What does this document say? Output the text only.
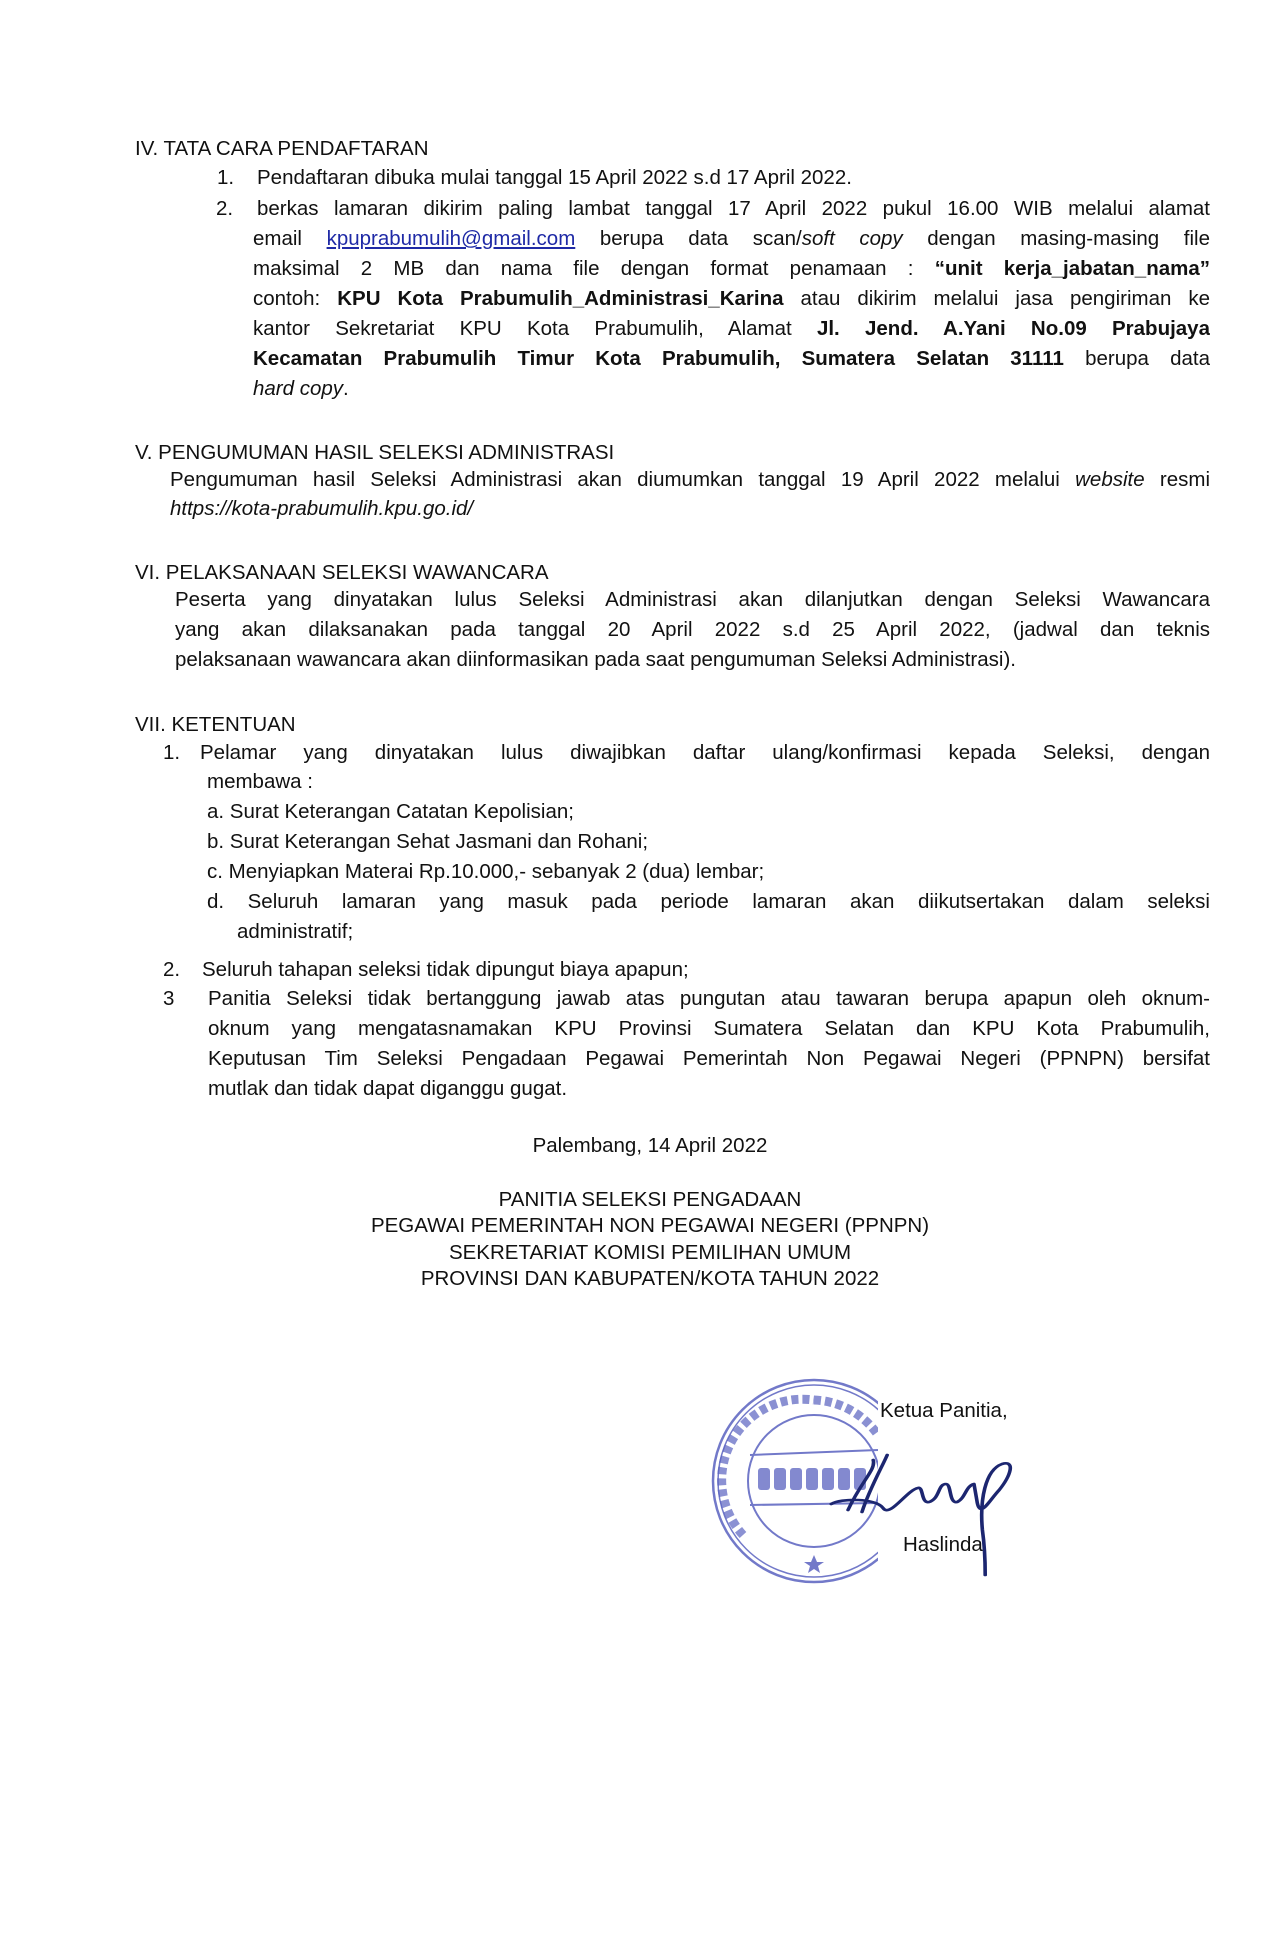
IV. TATA CARA PENDAFTARAN
1. Pendaftaran dibuka mulai tanggal 15 April 2022 s.d 17 April 2022.
2. berkas lamaran dikirim paling lambat tanggal 17 April 2022 pukul 16.00 WIB melalui alamat
email kpuprabumulih@gmail.com berupa data scan/soft copy dengan masing-masing file
maksimal 2 MB dan nama file dengan format penamaan : “unit kerja_jabatan_nama”
contoh: KPU Kota Prabumulih_Administrasi_Karina atau dikirim melalui jasa pengiriman ke
kantor Sekretariat KPU Kota Prabumulih, Alamat Jl. Jend. A.Yani No.09 Prabujaya
Kecamatan Prabumulih Timur Kota Prabumulih, Sumatera Selatan 31111 berupa data
hard copy.
V. PENGUMUMAN HASIL SELEKSI ADMINISTRASI
Pengumuman hasil Seleksi Administrasi akan diumumkan tanggal 19 April 2022 melalui website resmi
https://kota-prabumulih.kpu.go.id/
VI. PELAKSANAAN SELEKSI WAWANCARA
Peserta yang dinyatakan lulus Seleksi Administrasi akan dilanjutkan dengan Seleksi Wawancara
yang akan dilaksanakan pada tanggal 20 April 2022 s.d 25 April 2022, (jadwal dan teknis
pelaksanaan wawancara akan diinformasikan pada saat pengumuman Seleksi Administrasi).
VII. KETENTUAN
1. Pelamar yang dinyatakan lulus diwajibkan daftar ulang/konfirmasi kepada Seleksi, dengan
membawa :
a. Surat Keterangan Catatan Kepolisian;
b. Surat Keterangan Sehat Jasmani dan Rohani;
c. Menyiapkan Materai Rp.10.000,- sebanyak 2 (dua) lembar;
d. Seluruh lamaran yang masuk pada periode lamaran akan diikutsertakan dalam seleksi
administratif;
2. Seluruh tahapan seleksi tidak dipungut biaya apapun;
3 Panitia Seleksi tidak bertanggung jawab atas pungutan atau tawaran berupa apapun oleh oknum-
oknum yang mengatasnamakan KPU Provinsi Sumatera Selatan dan KPU Kota Prabumulih,
Keputusan Tim Seleksi Pengadaan Pegawai Pemerintah Non Pegawai Negeri (PPNPN) bersifat
mutlak dan tidak dapat diganggu gugat.
Palembang, 14 April 2022
PANITIA SELEKSI PENGADAAN
PEGAWAI PEMERINTAH NON PEGAWAI NEGERI (PPNPN)
SEKRETARIAT KOMISI PEMILIHAN UMUM
PROVINSI DAN KABUPATEN/KOTA TAHUN 2022
Ketua Panitia,
Haslinda
